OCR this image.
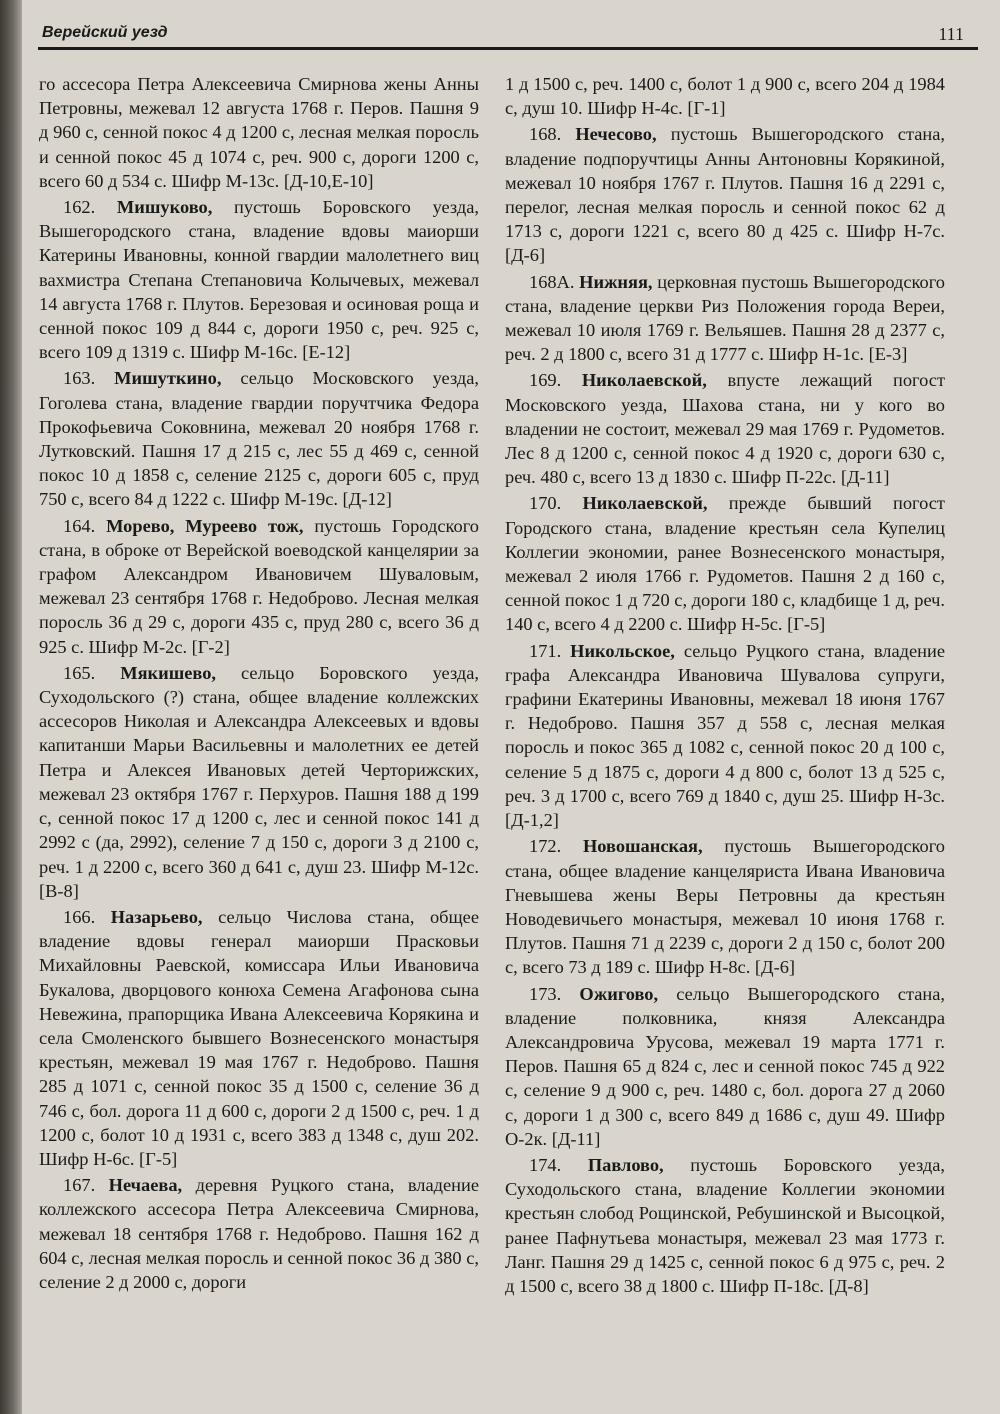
Верейский уезд	111

го ассесора Петра Алексеевича Смирнова жены Анны Петровны, межевал 12 августа 1768 г. Перов. Пашня 9 д 960 с, сенной покос 4 д 1200 с, лесная мелкая поросль и сенной покос 45 д 1074 с, реч. 900 с, дороги 1200 с, всего 60 д 534 с. Шифр М-13с. [Д-10,Е-10]

162. Мишуково, пустошь Боровского уезда, Вышегородского стана, владение вдовы маиорши Катерины Ивановны, конной гвардии малолетнего виц вахмистра Степана Степановича Колычевых, межевал 14 августа 1768 г. Плутов. Березовая и осиновая роща и сенной покос 109 д 844 с, дороги 1950 с, реч. 925 с, всего 109 д 1319 с. Шифр М-16с. [Е-12]

163. Мишуткино, сельцо Московского уезда, Гоголева стана, владение гвардии поручтчика Федора Прокофьевича Соковнина, межевал 20 ноября 1768 г. Лутковский. Пашня 17 д 215 с, лес 55 д 469 с, сенной покос 10 д 1858 с, селение 2125 с, дороги 605 с, пруд 750 с, всего 84 д 1222 с. Шифр М-19с. [Д-12]

164. Морево, Муреево тож, пустошь Городского стана, в оброке от Верейской воеводской канцелярии за графом Александром Ивановичем Шуваловым, межевал 23 сентября 1768 г. Недоброво. Лесная мелкая поросль 36 д 29 с, дороги 435 с, пруд 280 с, всего 36 д 925 с. Шифр М-2с. [Г-2]

165. Мякишево, сельцо Боровского уезда, Суходольского (?) стана, общее владение коллежских ассесоров Николая и Александра Алексеевых и вдовы капитанши Марьи Васильевны и малолетних ее детей Петра и Алексея Ивановых детей Черторижских, межевал 23 октября 1767 г. Перхуров. Пашня 188 д 199 с, сенной покос 17 д 1200 с, лес и сенной покос 141 д 2992 с (да, 2992), селение 7 д 150 с, дороги 3 д 2100 с, реч. 1 д 2200 с, всего 360 д 641 с, душ 23. Шифр М-12с. [В-8]

166. Назарьево, сельцо Числова стана, общее владение вдовы генерал маиорши Прасковьи Михайловны Раевской, комиссара Ильи Ивановича Букалова, дворцового конюха Семена Агафонова сына Невежина, прапорщика Ивана Алексеевича Корякина и села Смоленского бывшего Вознесенского монастыря крестьян, межевал 19 мая 1767 г. Недоброво. Пашня 285 д 1071 с, сенной покос 35 д 1500 с, селение 36 д 746 с, бол. дорога 11 д 600 с, дороги 2 д 1500 с, реч. 1 д 1200 с, болот 10 д 1931 с, всего 383 д 1348 с, душ 202. Шифр Н-6с. [Г-5]

167. Нечаева, деревня Руцкого стана, владение коллежского ассесора Петра Алексеевича Смирнова, межевал 18 сентября 1768 г. Недоброво. Пашня 162 д 604 с, лесная мелкая поросль и сенной покос 36 д 380 с, селение 2 д 2000 с, дороги

1 д 1500 с, реч. 1400 с, болот 1 д 900 с, всего 204 д 1984 с, душ 10. Шифр Н-4с. [Г-1]

168. Нечесово, пустошь Вышегородского стана, владение подпоручтицы Анны Антоновны Корякиной, межевал 10 ноября 1767 г. Плутов. Пашня 16 д 2291 с, перелог, лесная мелкая поросль и сенной покос 62 д 1713 с, дороги 1221 с, всего 80 д 425 с. Шифр Н-7с. [Д-6]

168А. Нижняя, церковная пустошь Вышегородского стана, владение церкви Риз Положения города Вереи, межевал 10 июля 1769 г. Вельяшев. Пашня 28 д 2377 с, реч. 2 д 1800 с, всего 31 д 1777 с. Шифр Н-1с. [Е-3]

169. Николаевской, впусте лежащий погост Московского уезда, Шахова стана, ни у кого во владении не состоит, межевал 29 мая 1769 г. Рудометов. Лес 8 д 1200 с, сенной покос 4 д 1920 с, дороги 630 с, реч. 480 с, всего 13 д 1830 с. Шифр П-22с. [Д-11]

170. Николаевской, прежде бывший погост Городского стана, владение крестьян села Купелиц Коллегии экономии, ранее Вознесенского монастыря, межевал 2 июля 1766 г. Рудометов. Пашня 2 д 160 с, сенной покос 1 д 720 с, дороги 180 с, кладбище 1 д, реч. 140 с, всего 4 д 2200 с. Шифр Н-5с. [Г-5]

171. Никольское, сельцо Руцкого стана, владение графа Александра Ивановича Шувалова супруги, графини Екатерины Ивановны, межевал 18 июня 1767 г. Недоброво. Пашня 357 д 558 с, лесная мелкая поросль и покос 365 д 1082 с, сенной покос 20 д 100 с, селение 5 д 1875 с, дороги 4 д 800 с, болот 13 д 525 с, реч. 3 д 1700 с, всего 769 д 1840 с, душ 25. Шифр Н-3с. [Д-1,2]

172. Новошанская, пустошь Вышегородского стана, общее владение канцеляриста Ивана Ивановича Гневышева жены Веры Петровны да крестьян Новодевичьего монастыря, межевал 10 июня 1768 г. Плутов. Пашня 71 д 2239 с, дороги 2 д 150 с, болот 200 с, всего 73 д 189 с. Шифр Н-8с. [Д-6]

173. Ожигово, сельцо Вышегородского стана, владение полковника, князя Александра Александровича Урусова, межевал 19 марта 1771 г. Перов. Пашня 65 д 824 с, лес и сенной покос 745 д 922 с, селение 9 д 900 с, реч. 1480 с, бол. дорога 27 д 2060 с, дороги 1 д 300 с, всего 849 д 1686 с, душ 49. Шифр О-2к. [Д-11]

174. Павлово, пустошь Боровского уезда, Суходольского стана, владение Коллегии экономии крестьян слобод Рощинской, Ребушинской и Высоцкой, ранее Пафнутьева монастыря, межевал 23 мая 1773 г. Ланг. Пашня 29 д 1425 с, сенной покос 6 д 975 с, реч. 2 д 1500 с, всего 38 д 1800 с. Шифр П-18с. [Д-8]
